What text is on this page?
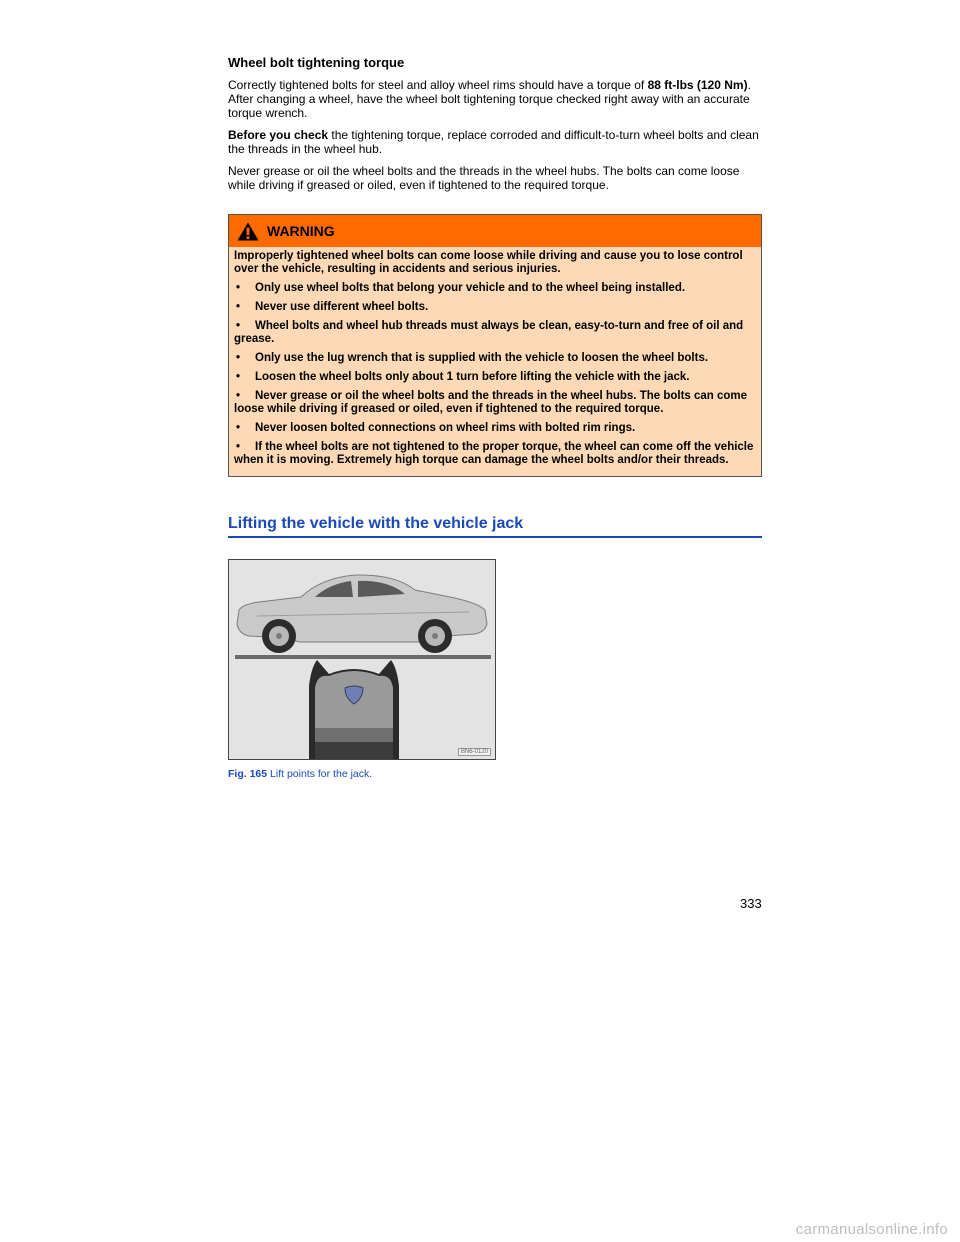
Wheel bolt tightening torque

Correctly tightened bolts for steel and alloy wheel rims should have a torque of 88 ft-lbs (120 Nm). After changing a wheel, have the wheel bolt tightening torque checked right away with an accurate torque wrench.

Before you check the tightening torque, replace corroded and difficult-to-turn wheel bolts and clean the threads in the wheel hub.

Never grease or oil the wheel bolts and the threads in the wheel hubs. The bolts can come loose while driving if greased or oiled, even if tightened to the required torque.

WARNING

Improperly tightened wheel bolts can come loose while driving and cause you to lose control over the vehicle, resulting in accidents and serious injuries.

• Only use wheel bolts that belong your vehicle and to the wheel being installed.
• Never use different wheel bolts.
• Wheel bolts and wheel hub threads must always be clean, easy-to-turn and free of oil and grease.
• Only use the lug wrench that is supplied with the vehicle to loosen the wheel bolts.
• Loosen the wheel bolts only about 1 turn before lifting the vehicle with the jack.
• Never grease or oil the wheel bolts and the threads in the wheel hubs. The bolts can come loose while driving if greased or oiled, even if tightened to the required torque.
• Never loosen bolted connections on wheel rims with bolted rim rings.
• If the wheel bolts are not tightened to the proper torque, the wheel can come off the vehicle when it is moving. Extremely high torque can damage the wheel bolts and/or their threads.
Lifting the vehicle with the vehicle jack
BN6-0120
Fig. 165 Lift points for the jack.
333
carmanualsonline.info
